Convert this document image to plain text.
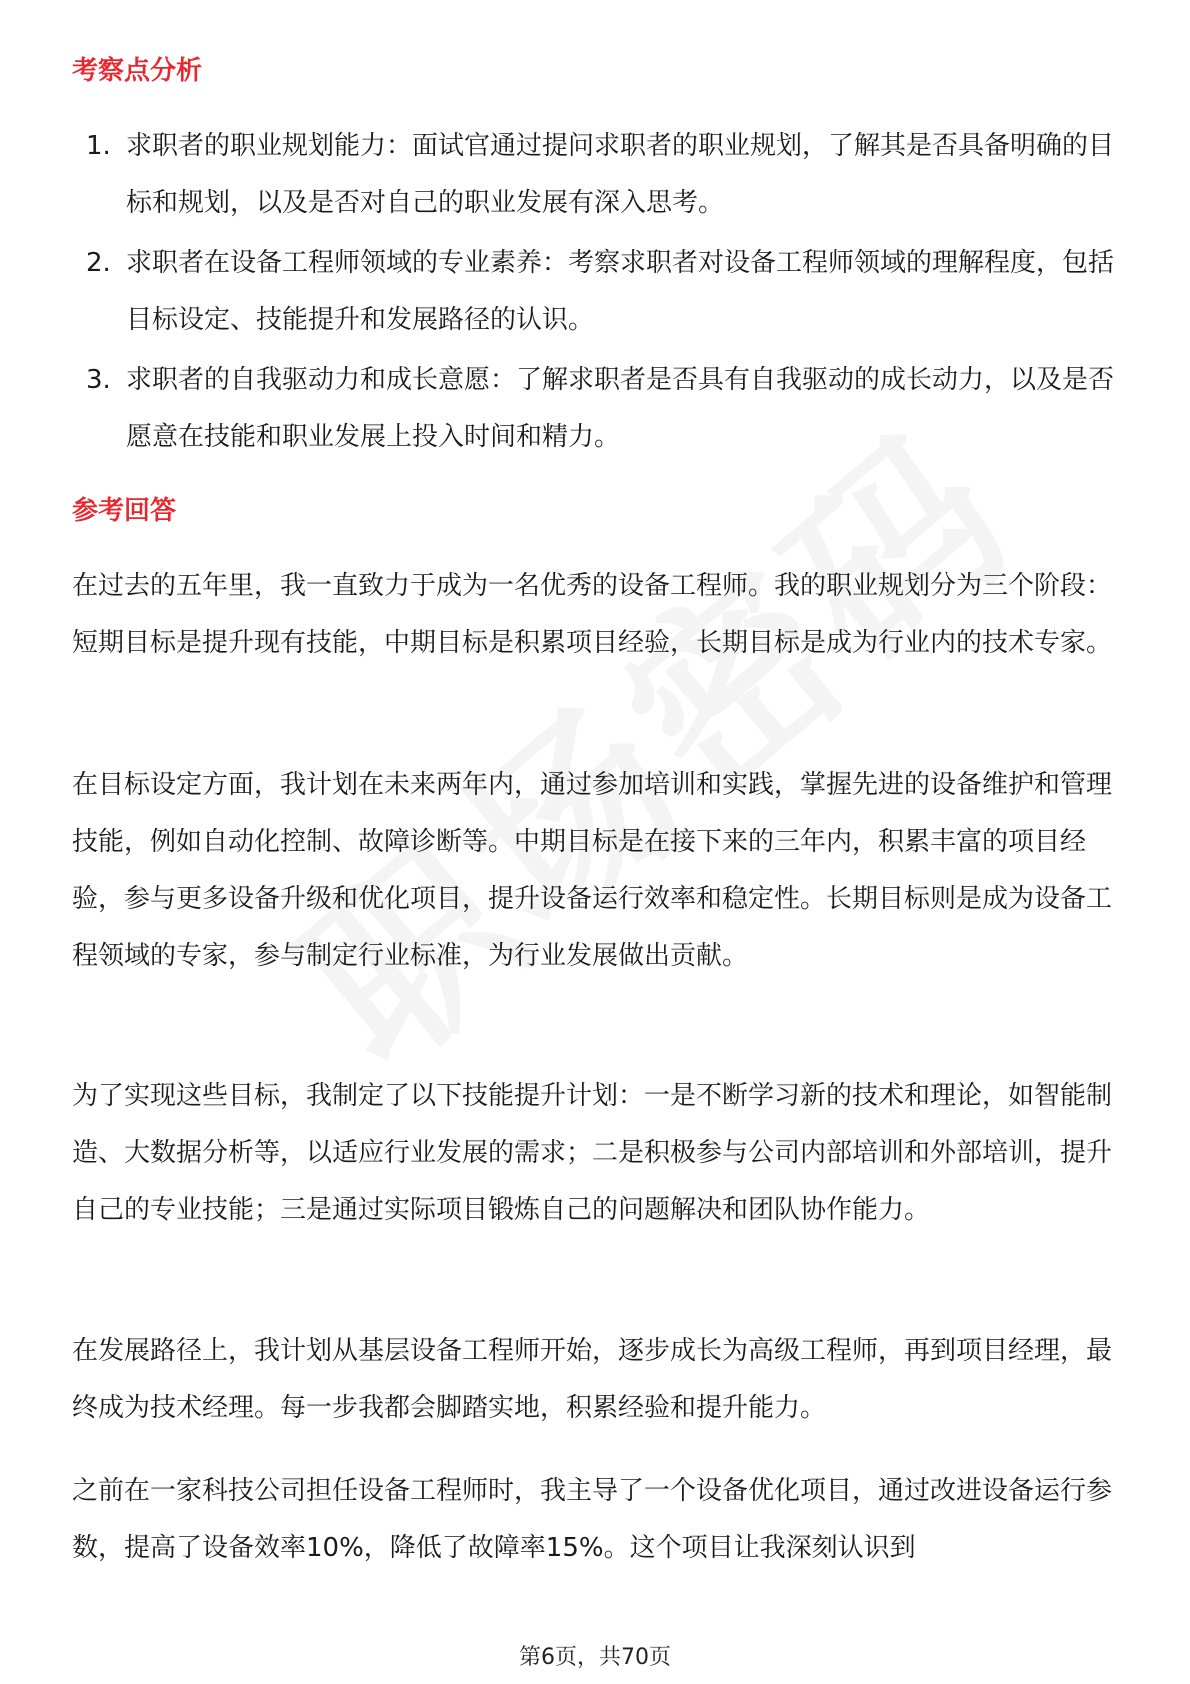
考察点分析
1. 求职者的职业规划能力：面试官通过提问求职者的职业规划，了解其是否具备明确的目标和规划，以及是否对自己的职业发展有深入思考。
2. 求职者在设备工程师领域的专业素养：考察求职者对设备工程师领域的理解程度，包括目标设定、技能提升和发展路径的认识。
3. 求职者的自我驱动力和成长意愿：了解求职者是否具有自我驱动的成长动力，以及是否愿意在技能和职业发展上投入时间和精力。
参考回答

在过去的五年里，我一直致力于成为一名优秀的设备工程师。我的职业规划分为三个阶段：短期目标是提升现有技能，中期目标是积累项目经验，长期目标是成为行业内的技术专家。

在目标设定方面，我计划在未来两年内，通过参加培训和实践，掌握先进的设备维护和管理技能，例如自动化控制、故障诊断等。中期目标是在接下来的三年内，积累丰富的项目经验，参与更多设备升级和优化项目，提升设备运行效率和稳定性。长期目标则是成为设备工程领域的专家，参与制定行业标准，为行业发展做出贡献。

为了实现这些目标，我制定了以下技能提升计划：一是不断学习新的技术和理论，如智能制造、大数据分析等，以适应行业发展的需求；二是积极参与公司内部培训和外部培训，提升自己的专业技能；三是通过实际项目锻炼自己的问题解决和团队协作能力。

在发展路径上，我计划从基层设备工程师开始，逐步成长为高级工程师，再到项目经理，最终成为技术经理。每一步我都会脚踏实地，积累经验和提升能力。

之前在一家科技公司担任设备工程师时，我主导了一个设备优化项目，通过改进设备运行参数，提高了设备效率10%，降低了故障率15%。这个项目让我深刻认识到

第6页，共70页
